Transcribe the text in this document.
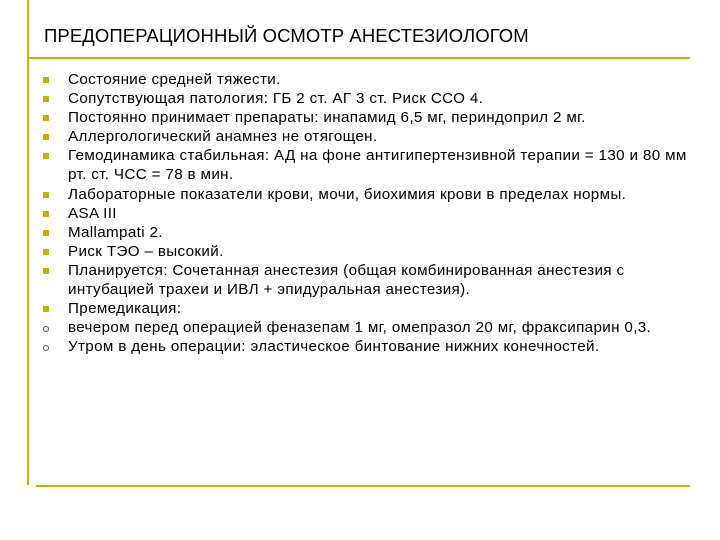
ПРЕДОПЕРАЦИОННЫЙ ОСМОТР АНЕСТЕЗИОЛОГОМ
Состояние средней тяжести.
Сопутствующая патология: ГБ 2 ст. АГ 3 ст. Риск ССО 4.
Постоянно принимает препараты: инапамид 6,5 мг, периндоприл 2 мг.
Аллергологический анамнез не отягощен.
Гемодинамика стабильная: АД на фоне антигипертензивной терапии = 130 и 80 мм рт. ст. ЧСС = 78 в мин.
Лабораторные показатели крови, мочи, биохимия крови в пределах нормы.
ASA III
Mallampati 2.
Риск ТЭО – высокий.
Планируется: Сочетанная анестезия (общая комбинированная анестезия с интубацией трахеи и ИВЛ + эпидуральная анестезия).
Премедикация:
вечером перед операцией феназепам 1 мг, омепразол 20 мг, фраксипарин 0,3.
Утром в день операции: эластическое бинтование нижних конечностей.
